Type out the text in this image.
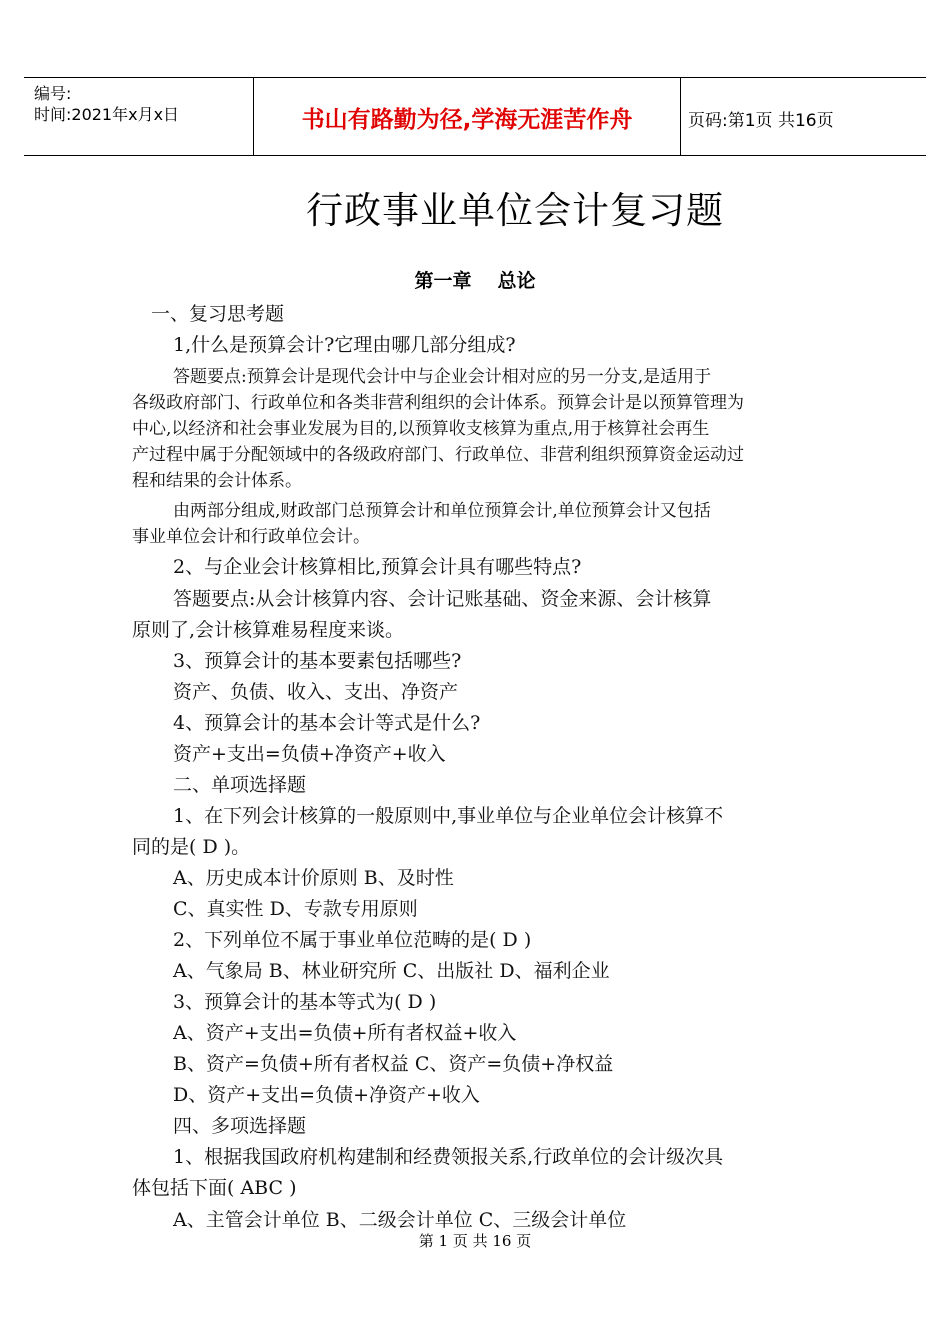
编号:
时间:2021年x月x日	书山有路勤为径,学海无涯苦作舟	页码:第1页 共16页
行政事业单位会计复习题
第一章 总论
一、复习思考题
1,什么是预算会计?它理由哪几部分组成?
答题要点:预算会计是现代会计中与企业会计相对应的另一分支,是适用于
各级政府部门、行政单位和各类非营利组织的会计体系。预算会计是以预算管理为
中心,以经济和社会事业发展为目的,以预算收支核算为重点,用于核算社会再生
产过程中属于分配领域中的各级政府部门、行政单位、非营利组织预算资金运动过
程和结果的会计体系。
由两部分组成,财政部门总预算会计和单位预算会计,单位预算会计又包括
事业单位会计和行政单位会计。
2、与企业会计核算相比,预算会计具有哪些特点?
答题要点:从会计核算内容、会计记账基础、资金来源、会计核算
原则了,会计核算难易程度来谈。
3、预算会计的基本要素包括哪些?
资产、负债、收入、支出、净资产
4、预算会计的基本会计等式是什么?
资产+支出=负债+净资产+收入
二、单项选择题
1、在下列会计核算的一般原则中,事业单位与企业单位会计核算不
同的是( D )。
A、历史成本计价原则 B、及时性
C、真实性 D、专款专用原则
2、下列单位不属于事业单位范畴的是( D )
A、气象局 B、林业研究所 C、出版社 D、福利企业
3、预算会计的基本等式为( D )
A、资产+支出=负债+所有者权益+收入
B、资产=负债+所有者权益 C、资产=负债+净权益
D、资产+支出=负债+净资产+收入
四、多项选择题
1、根据我国政府机构建制和经费领报关系,行政单位的会计级次具
体包括下面( ABC )
A、主管会计单位 B、二级会计单位 C、三级会计单位
第 1 页 共 16 页
